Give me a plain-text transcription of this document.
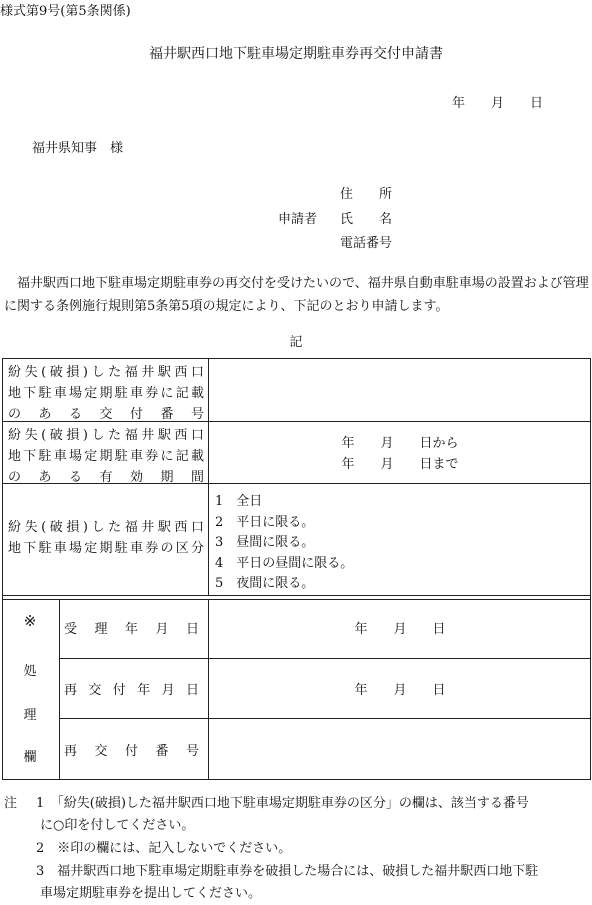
様式第9号(第5条関係)
福井駅西口地下駐車場定期駐車券再交付申請書
年　　月　　日
福井県知事　様
住　　所
申請者 氏　　名
電話番号
福井駅西口地下駐車場定期駐車券の再交付を受けたいので、福井県自動車駐車場の設置および管理に関する条例施行規則第5条第5項の規定により、下記のとおり申請します。
記
紛失(破損)した福井駅西口
地下駐車場定期駐車券に記載
のある交付番号
紛失(破損)した福井駅西口
地下駐車場定期駐車券に記載
のある有効期間
年　　月　　日から
年　　月　　日まで
紛失(破損)した福井駅西口
地下駐車場定期駐車券の区分
1　全日
2　平日に限る。
3　昼間に限る。
4　平日の昼間に限る。
5　夜間に限る。
※
処
理
欄
受理年月日	年　　月　　日
再交付年月日	年　　月　　日
再交付番号
注 1　「紛失(破損)した福井駅西口地下駐車場定期駐車券の区分」の欄は、該当する番号
に○印を付してください。
2　※印の欄には、記入しないでください。
3　福井駅西口地下駐車場定期駐車券を破損した場合には、破損した福井駅西口地下駐
車場定期駐車券を提出してください。
